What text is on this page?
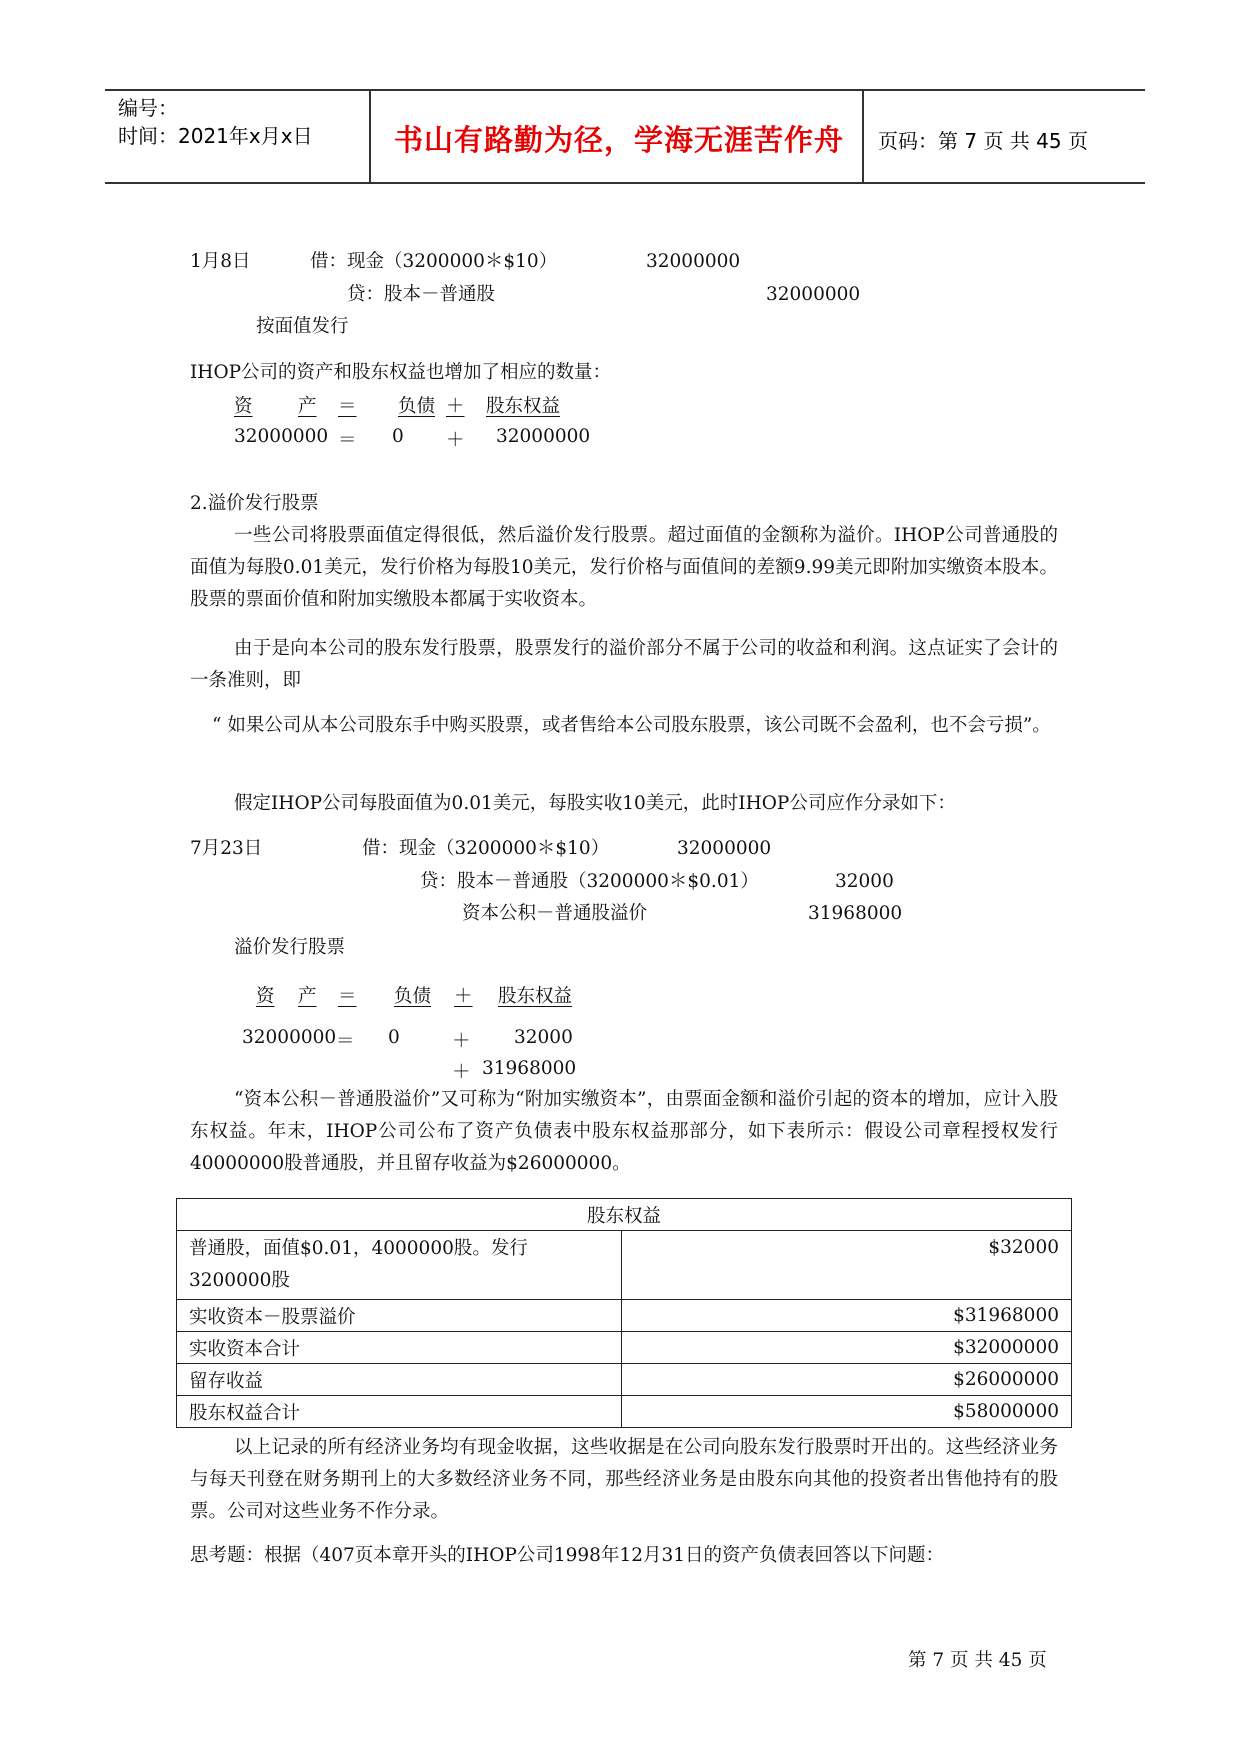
编号：
时间：2021年x月x日	书山有路勤为径，学海无涯苦作舟 页码：第 7 页 共 45 页
1月8日	借：现金（3200000＊$10）	32000000
贷：股本－普通股	32000000
按面值发行
IHOP公司的资产和股东权益也增加了相应的数量：
资 产 ＝ 负债 ＋ 股东权益
32000000 ＝ 0 ＋ 32000000
2.溢价发行股票
一些公司将股票面值定得很低，然后溢价发行股票。超过面值的金额称为溢价。IHOP公司普通股的面值为每股0.01美元，发行价格为每股10美元，发行价格与面值间的差额9.99美元即附加实缴资本股本。股票的票面价值和附加实缴股本都属于实收资本。
由于是向本公司的股东发行股票，股票发行的溢价部分不属于公司的收益和利润。这点证实了会计的一条准则，即
“ 如果公司从本公司股东手中购买股票，或者售给本公司股东股票，该公司既不会盈利，也不会亏损”。
假定IHOP公司每股面值为0.01美元，每股实收10美元，此时IHOP公司应作分录如下：
7月23日	借：现金（3200000＊$10）	32000000
贷：股本－普通股（3200000＊$0.01）	32000
资本公积－普通股溢价	31968000
溢价发行股票
资 产 ＝ 负债 ＋ 股东权益
32000000 ＝ 0	＋ 32000
＋ 31968000
“资本公积－普通股溢价”又可称为“附加实缴资本”，由票面金额和溢价引起的资本的增加，应计入股东权益。年末，IHOP公司公布了资产负债表中股东权益那部分，如下表所示：假设公司章程授权发行40000000股普通股，并且留存收益为$26000000。
股东权益	
普通股，面值$0.01，4000000股。发行3200000股	$32000
实收资本－股票溢价	$31968000
实收资本合计	$32000000
留存收益	$26000000
股东权益合计	$58000000
以上记录的所有经济业务均有现金收据，这些收据是在公司向股东发行股票时开出的。这些经济业务与每天刊登在财务期刊上的大多数经济业务不同，那些经济业务是由股东向其他的投资者出售他持有的股票。公司对这些业务不作分录。
思考题：根据（407页本章开头的IHOP公司1998年12月31日的资产负债表回答以下问题：
第 7 页 共 45 页
